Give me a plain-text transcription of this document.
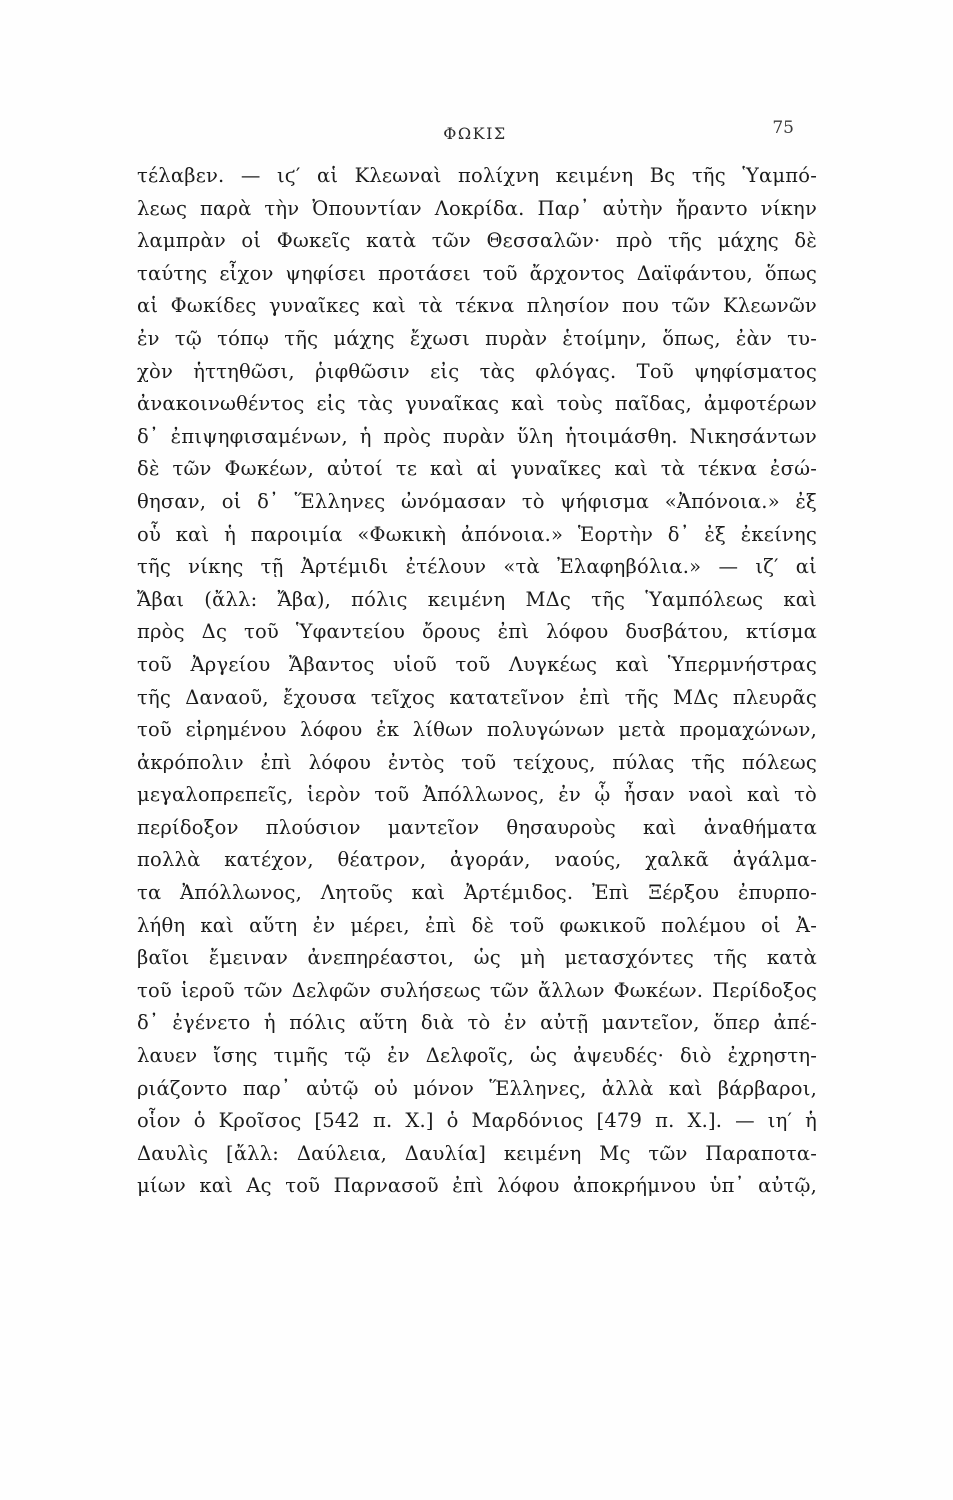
ΦΩΚΙΣ	75
τέλαβεν. — ιϛ′ αἱ Κλεωναὶ πολίχνη κειμένη Βς τῆς Ὑαμπό-
λεως παρὰ τὴν Ὀπουντίαν Λοκρίδα. Παρ᾽ αὐτὴν ἤραντο νίκην
λαμπρὰν οἱ Φωκεῖς κατὰ τῶν Θεσσαλῶν· πρὸ τῆς μάχης δὲ
ταύτης εἶχον ψηφίσει προτάσει τοῦ ἄρχοντος Δαϊφάντου, ὅπως
αἱ Φωκίδες γυναῖκες καὶ τὰ τέκνα πλησίον που τῶν Κλεωνῶν
ἐν τῷ τόπῳ τῆς μάχης ἔχωσι πυρὰν ἑτοίμην, ὅπως, ἐὰν τυ-
χὸν ἡττηθῶσι, ῥιφθῶσιν εἰς τὰς φλόγας. Τοῦ ψηφίσματος
ἀνακοινωθέντος εἰς τὰς γυναῖκας καὶ τοὺς παῖδας, ἀμφοτέρων
δ᾽ ἐπιψηφισαμένων, ἡ πρὸς πυρὰν ὕλη ἡτοιμάσθη. Νικησάντων
δὲ τῶν Φωκέων, αὐτοί τε καὶ αἱ γυναῖκες καὶ τὰ τέκνα ἐσώ-
θησαν, οἱ δ᾽ Ἕλληνες ὠνόμασαν τὸ ψήφισμα «Ἀπόνοια.» ἐξ
οὗ καὶ ἡ παροιμία «Φωκικὴ ἀπόνοια.» Ἑορτὴν δ᾽ ἐξ ἐκείνης
τῆς νίκης τῇ Ἀρτέμιδι ἐτέλουν «τὰ Ἐλαφηβόλια.» — ιζ′ αἱ
Ἄβαι (ἄλλ: Ἄβα), πόλις κειμένη ΜΔς τῆς Ὑαμπόλεως καὶ
πρὸς Δς τοῦ Ὑφαντείου ὄρους ἐπὶ λόφου δυσβάτου, κτίσμα
τοῦ Ἀργείου Ἄβαντος υἱοῦ τοῦ Λυγκέως καὶ Ὑπερμνήστρας
τῆς Δαναοῦ, ἔχουσα τεῖχος κατατεῖνον ἐπὶ τῆς ΜΔς πλευρᾶς
τοῦ εἰρημένου λόφου ἐκ λίθων πολυγώνων μετὰ προμαχώνων,
ἀκρόπολιν ἐπὶ λόφου ἐντὸς τοῦ τείχους, πύλας τῆς πόλεως
μεγαλοπρεπεῖς, ἱερὸν τοῦ Ἀπόλλωνος, ἐν ᾧ ἦσαν ναοὶ καὶ τὸ
περίδοξον πλούσιον μαντεῖον θησαυροὺς καὶ ἀναθήματα
πολλὰ κατέχον, θέατρον, ἀγοράν, ναούς, χαλκᾶ ἀγάλμα-
τα Ἀπόλλωνος, Λητοῦς καὶ Ἀρτέμιδος. Ἐπὶ Ξέρξου ἐπυρπο-
λήθη καὶ αὕτη ἐν μέρει, ἐπὶ δὲ τοῦ φωκικοῦ πολέμου οἱ Ἀ-
βαῖοι ἔμειναν ἀνεπηρέαστοι, ὡς μὴ μετασχόντες τῆς κατὰ
τοῦ ἱεροῦ τῶν Δελφῶν συλήσεως τῶν ἄλλων Φωκέων. Περίδοξος
δ᾽ ἐγένετο ἡ πόλις αὕτη διὰ τὸ ἐν αὐτῇ μαντεῖον, ὅπερ ἀπέ-
λαυεν ἴσης τιμῆς τῷ ἐν Δελφοῖς, ὡς ἀψευδές· διὸ ἐχρηστη-
ριάζοντο παρ᾽ αὐτῷ οὐ μόνον Ἕλληνες, ἀλλὰ καὶ βάρβαροι,
οἷον ὁ Κροῖσος [542 π. Χ.] ὁ Μαρδόνιος [479 π. Χ.]. — ιη′ ἡ
Δαυλὶς [ἄλλ: Δαύλεια, Δαυλία] κειμένη Μς τῶν Παραποτα-
μίων καὶ Ας τοῦ Παρνασοῦ ἐπὶ λόφου ἀποκρήμνου ὑπ᾽ αὐτῷ,
